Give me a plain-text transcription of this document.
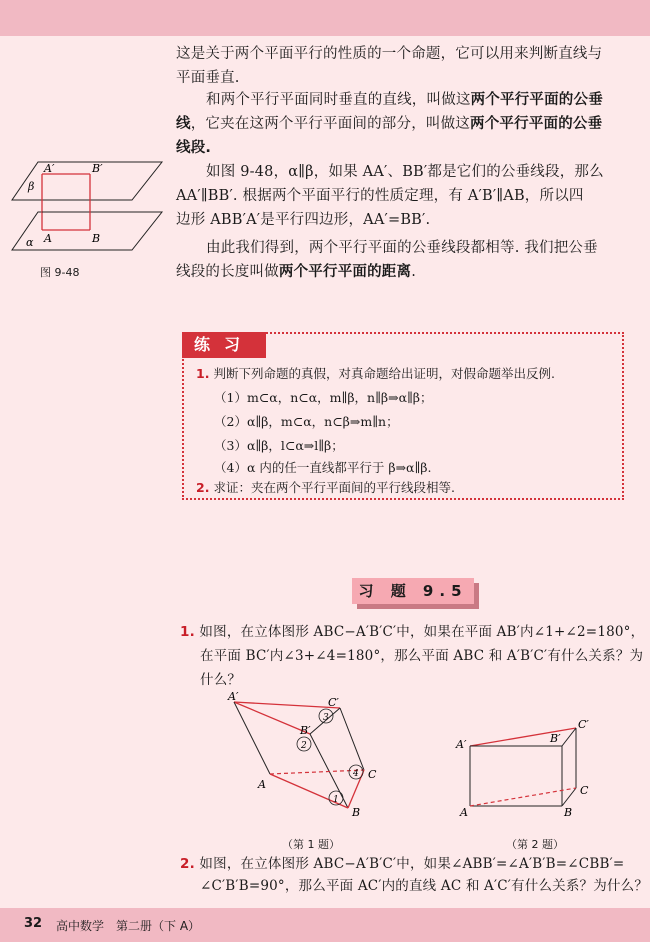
这是关于两个平面平行的性质的一个命题，它可以用来判断直线与
平面垂直.
和两个平行平面同时垂直的直线，叫做这两个平行平面的公垂
线，它夹在这两个平行平面间的部分，叫做这两个平行平面的公垂
线段.
如图 9-48，α∥β，如果 AA′、BB′都是它们的公垂线段，那么
AA′∥BB′. 根据两个平面平行的性质定理，有 A′B′∥AB，所以四
边形 ABB′A′是平行四边形，AA′=BB′.
由此我们得到，两个平行平面的公垂线段都相等. 我们把公垂
线段的长度叫做两个平行平面的距离.
A′	B′
β
A	B
α
图 9-48
练习
1. 判断下列命题的真假，对真命题给出证明，对假命题举出反例.
（1）m⊂α，n⊂α，m∥β，n∥β⇒α∥β；
（2）α∥β，m⊂α，n⊂β⇒m∥n；
（3）α∥β，l⊂α⇒l∥β；
（4）α 内的任一直线都平行于 β⇒α∥β.
2. 求证：夹在两个平行平面间的平行线段相等.
习 题 9.5
1. 如图，在立体图形 ABC−A′B′C′中，如果在平面 AB′内∠1+∠2=180°，
在平面 BC′内∠3+∠4=180°，那么平面 ABC 和 A′B′C′有什么关系？为
什么？
A′	C′
B′
A
B
C
2
3
4
1
（第 1 题）
A′	B′
C′
A	B
C
（第 2 题）
2. 如图，在立体图形 ABC−A′B′C′中，如果∠ABB′=∠A′B′B=∠CBB′=
∠C′B′B=90°，那么平面 AC′内的直线 AC 和 A′C′有什么关系？为什么？
32 高中数学　第二册（下 A）
